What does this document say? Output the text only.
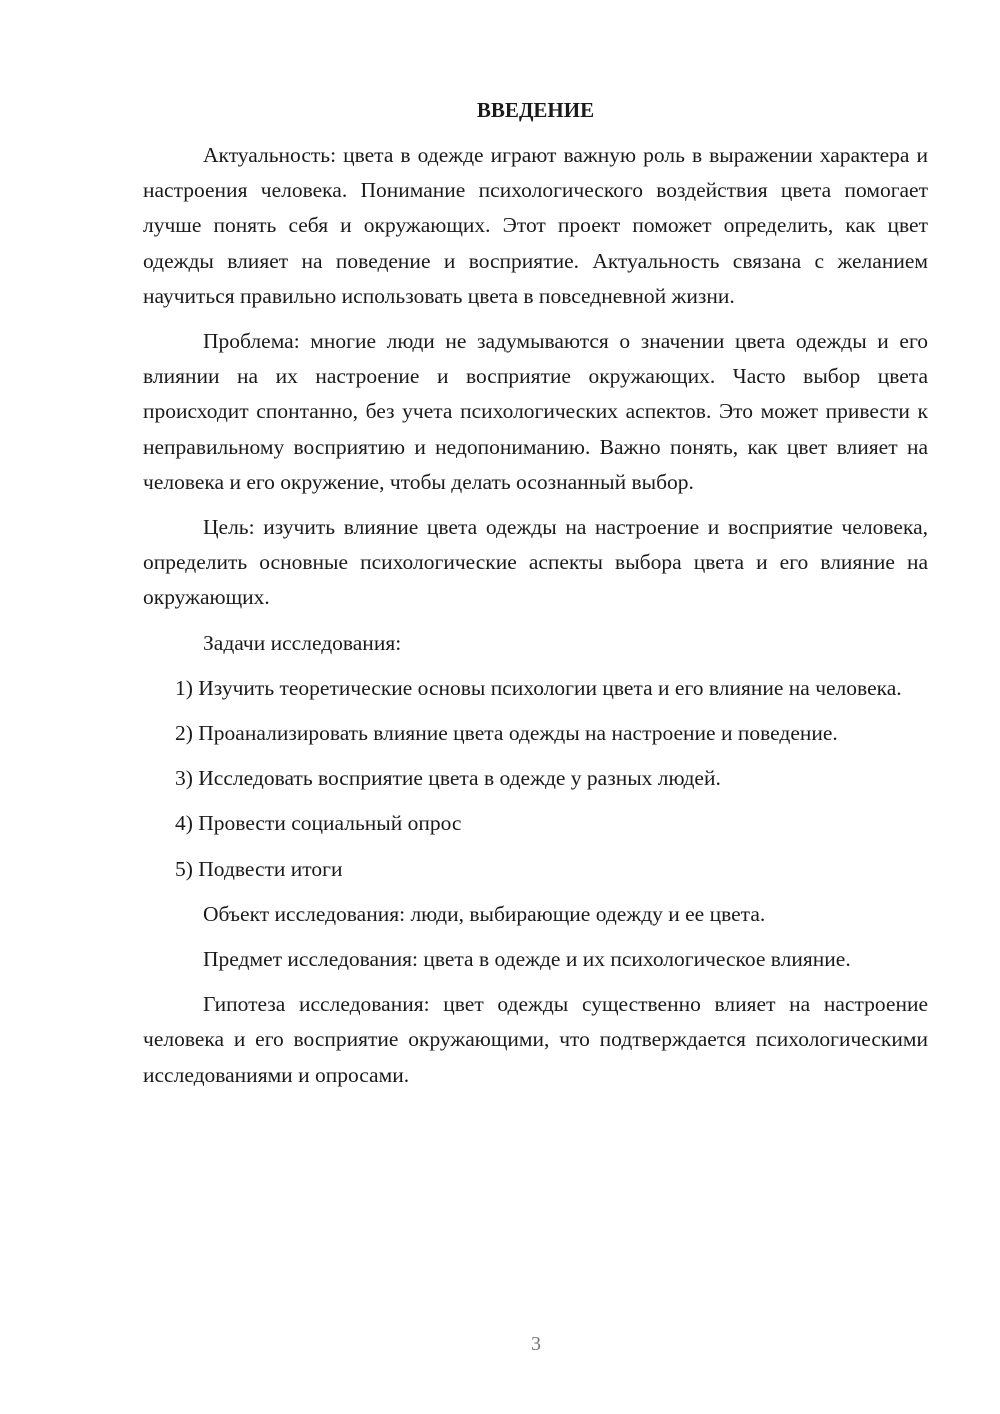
ВВЕДЕНИЕ

Актуальность: цвета в одежде играют важную роль в выражении характера и настроения человека. Понимание психологического воздействия цвета помогает лучше понять себя и окружающих. Этот проект поможет определить, как цвет одежды влияет на поведение и восприятие. Актуальность связана с желанием научиться правильно использовать цвета в повседневной жизни.

Проблема: многие люди не задумываются о значении цвета одежды и его влиянии на их настроение и восприятие окружающих. Часто выбор цвета происходит спонтанно, без учета психологических аспектов. Это может привести к неправильному восприятию и недопониманию. Важно понять, как цвет влияет на человека и его окружение, чтобы делать осознанный выбор.

Цель: изучить влияние цвета одежды на настроение и восприятие человека, определить основные психологические аспекты выбора цвета и его влияние на окружающих.

Задачи исследования:

1) Изучить теоретические основы психологии цвета и его влияние на человека.

2) Проанализировать влияние цвета одежды на настроение и поведение.

3) Исследовать восприятие цвета в одежде у разных людей.

4) Провести социальный опрос

5) Подвести итоги

Объект исследования: люди, выбирающие одежду и ее цвета.

Предмет исследования: цвета в одежде и их психологическое влияние.

Гипотеза исследования: цвет одежды существенно влияет на настроение человека и его восприятие окружающими, что подтверждается психологическими исследованиями и опросами.

3
